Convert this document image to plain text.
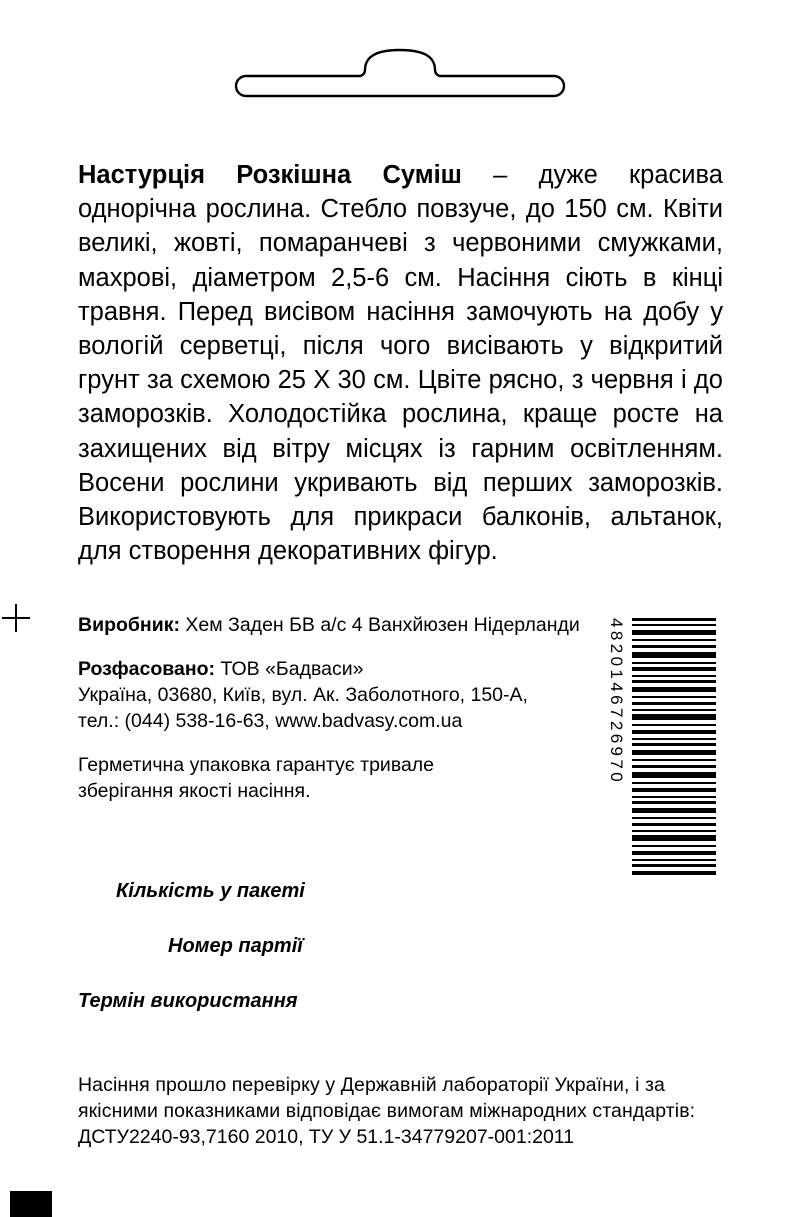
Настурція Розкішна Суміш – дуже красива однорічна рослина. Стебло повзуче, до 150 см. Квіти великі, жовті, помаранчеві з червоними смужками, махрові, діаметром 2,5-6 см. Насіння сіють в кінці травня. Перед висівом насіння замочують на добу у вологій серветці, після чого висівають у відкритий грунт за схемою 25 X 30 см. Цвіте рясно, з червня і до заморозків. Холодостійка рослина, краще росте на захищених від вітру місцях із гарним освітленням. Восени рослини укривають від перших заморозків. Використовують для прикраси балконів, альтанок, для створення декоративних фігур.
Виробник: Хем Заден БВ а/с 4 Ванхйюзен Нідерланди
Розфасовано: ТОВ «Бадваси»
Україна, 03680, Київ, вул. Ак. Заболотного, 150-А,
тел.: (044) 538-16-63, www.badvasy.com.ua
Герметична упаковка гарантує тривале
зберігання якості насіння.
4820146726970
Кількість у пакеті
Номер партії
Термін використання
Насіння прошло перевірку у Державній лабораторії України, і за
якісними показниками відповідає вимогам міжнародних стандартів:
ДСТУ2240-93,7160 2010, ТУ У 51.1-34779207-001:2011
